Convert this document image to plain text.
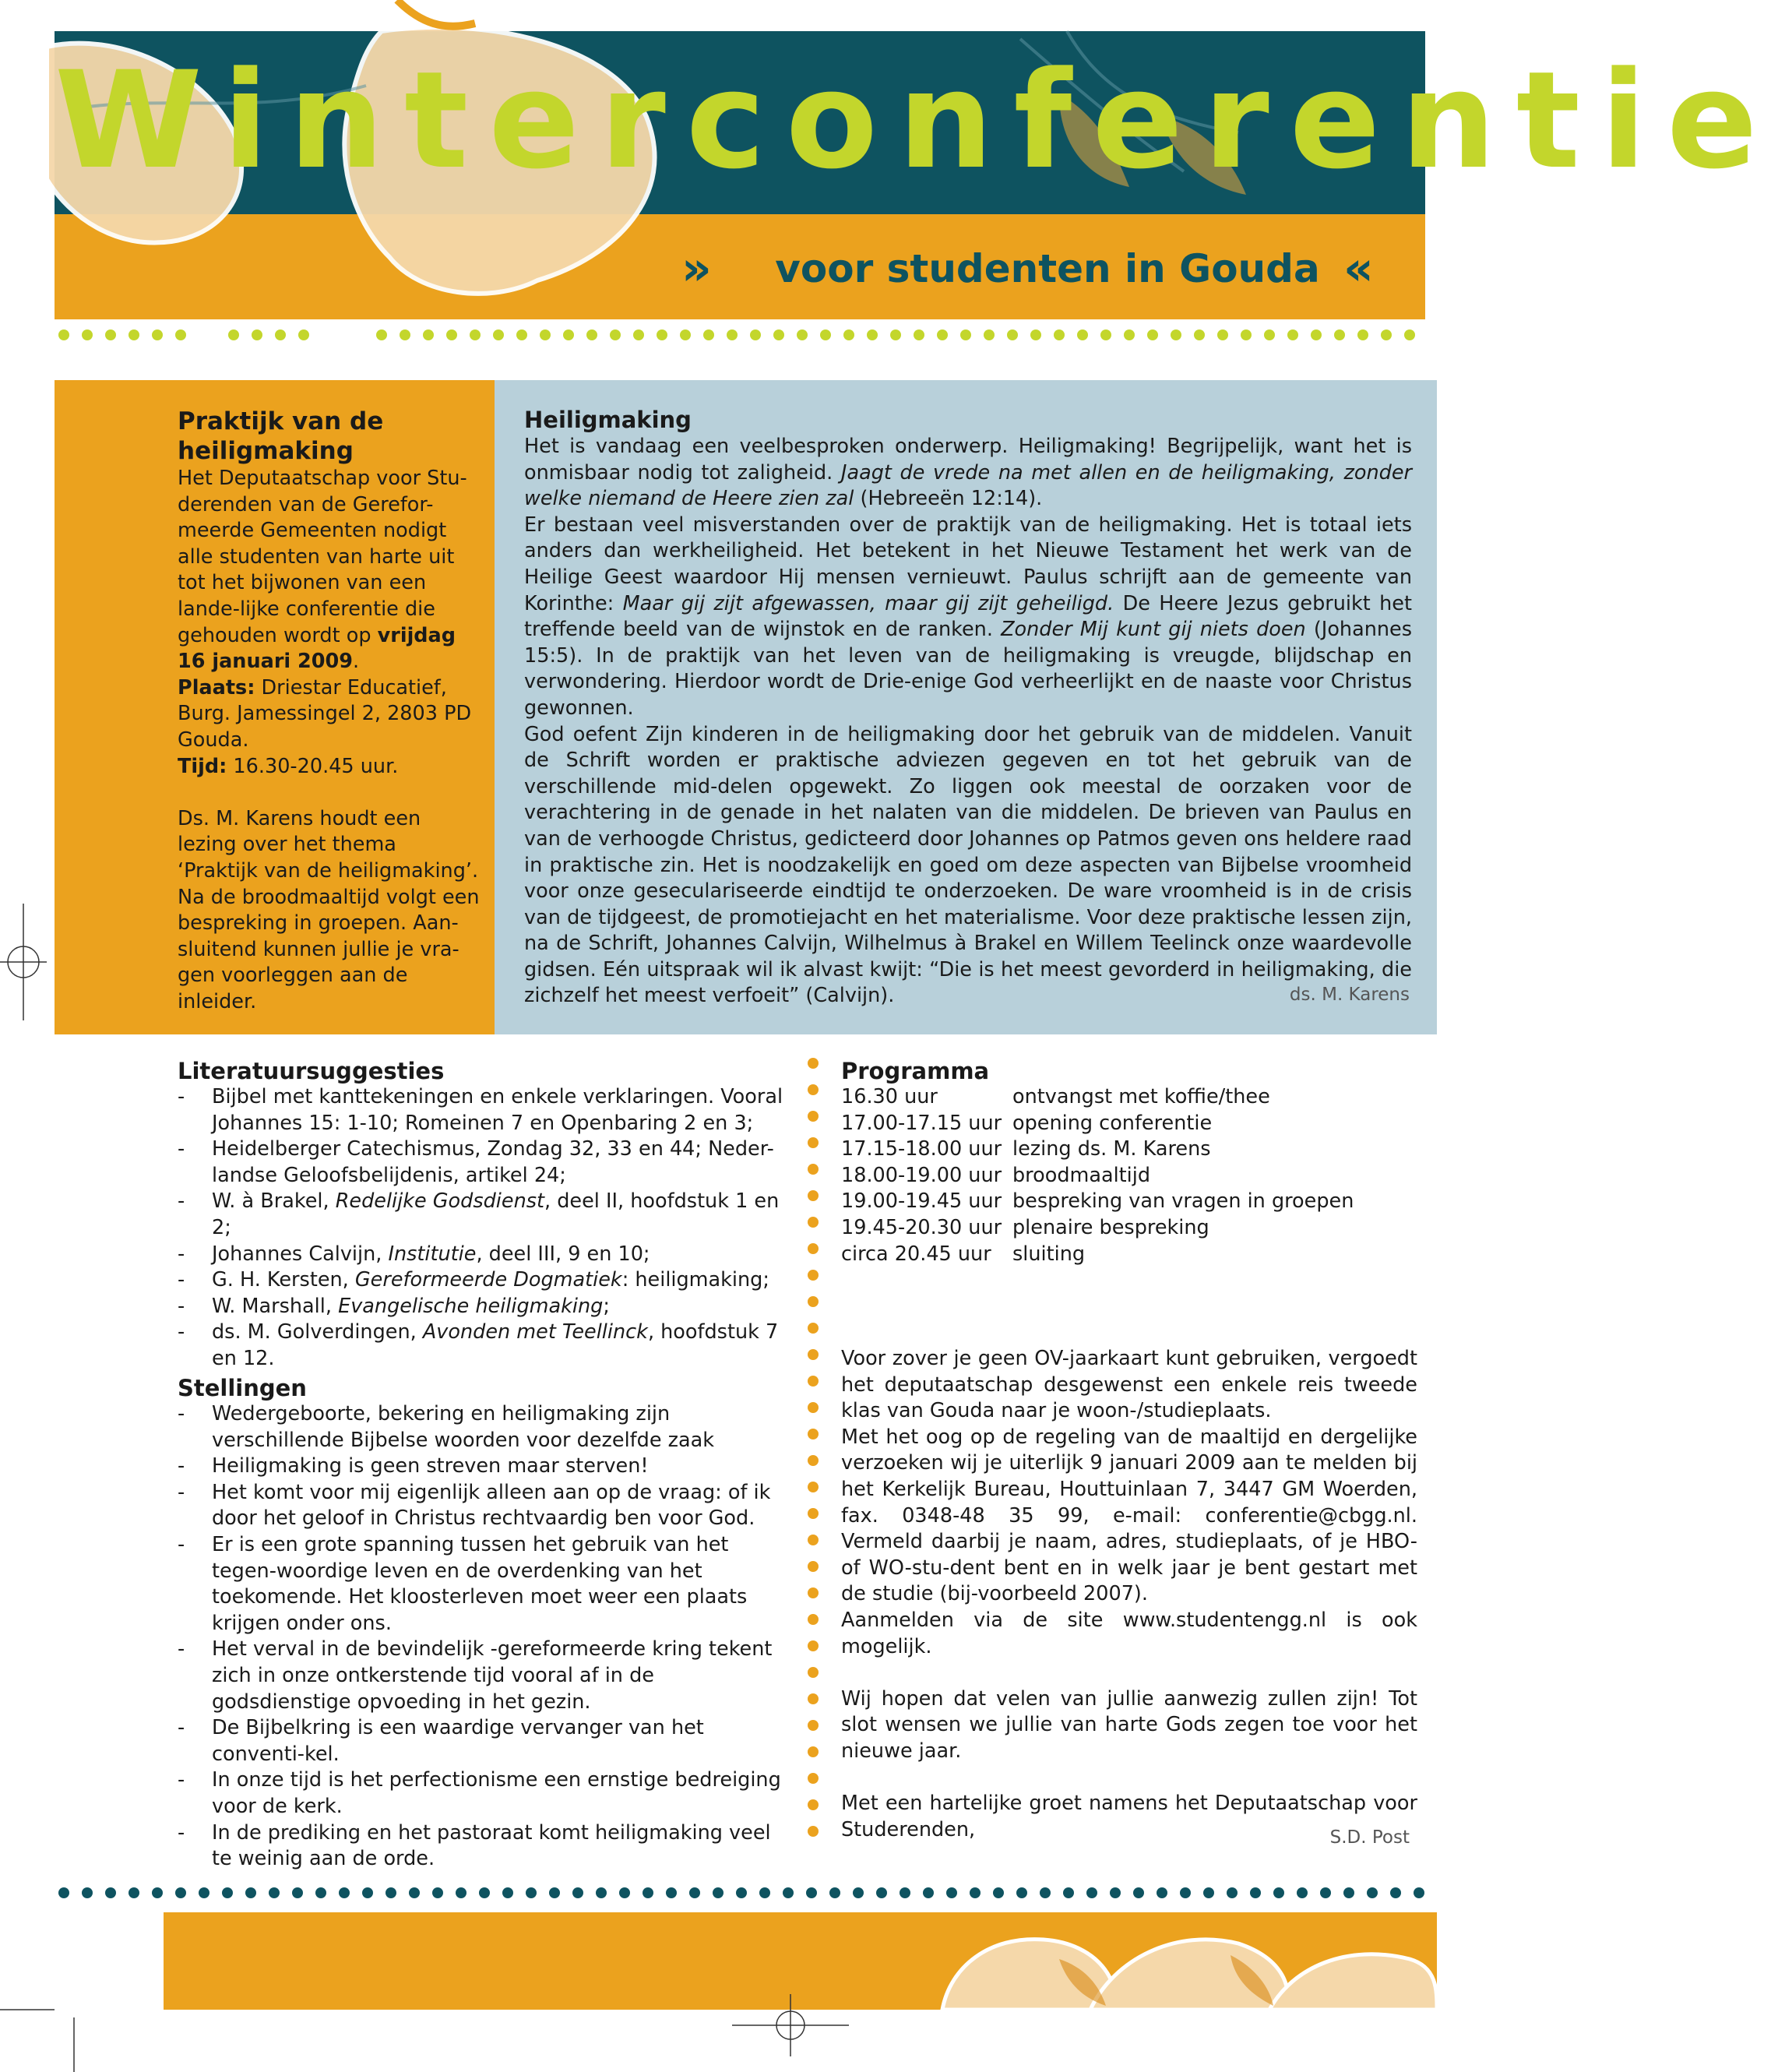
Winterconferentie
»	voor studenten in Gouda «
Praktijk van de heiligmaking

Het Deputaatschap voor Stu-derenden van de Gerefor-meerde Gemeenten nodigt alle studenten van harte uit tot het bijwonen van een lande-lijke conferentie die gehouden wordt op vrijdag 16 januari 2009.

Plaats: Driestar Educatief, Burg. Jamessingel 2, 2803 PD Gouda.

Tijd: 16.30-20.45 uur.

Ds. M. Karens houdt een lezing over het thema ‘Praktijk van de heiligmaking’. Na de broodmaaltijd volgt een bespreking in groepen. Aan-sluitend kunnen jullie je vra-gen voorleggen aan de inleider.

Heiligmaking

Het is vandaag een veelbesproken onderwerp. Heiligmaking! Begrijpelijk, want het is onmisbaar nodig tot zaligheid. Jaagt de vrede na met allen en de heiligmaking, zonder welke niemand de Heere zien zal (Hebreeën 12:14).

Er bestaan veel misverstanden over de praktijk van de heiligmaking. Het is totaal iets anders dan werkheiligheid. Het betekent in het Nieuwe Testament het werk van de Heilige Geest waardoor Hij mensen vernieuwt. Paulus schrijft aan de gemeente van Korinthe: Maar gij zijt afgewassen, maar gij zijt geheiligd. De Heere Jezus gebruikt het treffende beeld van de wijnstok en de ranken. Zonder Mij kunt gij niets doen (Johannes 15:5). In de praktijk van het leven van de heiligmaking is vreugde, blijdschap en verwondering. Hierdoor wordt de Drie-enige God verheerlijkt en de naaste voor Christus gewonnen.

God oefent Zijn kinderen in de heiligmaking door het gebruik van de middelen. Vanuit de Schrift worden er praktische adviezen gegeven en tot het gebruik van de verschillende mid-delen opgewekt. Zo liggen ook meestal de oorzaken voor de verachtering in de genade in het nalaten van die middelen. De brieven van Paulus en van de verhoogde Christus, gedicteerd door Johannes op Patmos geven ons heldere raad in praktische zin. Het is noodzakelijk en goed om deze aspecten van Bijbelse vroomheid voor onze geseculariseerde eindtijd te onderzoeken. De ware vroomheid is in de crisis van de tijdgeest, de promotiejacht en het materialisme. Voor deze praktische lessen zijn, na de Schrift, Johannes Calvijn, Wilhelmus à Brakel en Willem Teelinck onze waardevolle gidsen. Eén uitspraak wil ik alvast kwijt: “Die is het meest gevorderd in heiligmaking, die zichzelf het meest verfoeit” (Calvijn).	ds. M. Karens
Literatuursuggesties
- Bijbel met kanttekeningen en enkele verklaringen. Vooral Johannes 15: 1-10; Romeinen 7 en Openbaring 2 en 3;
- Heidelberger Catechismus, Zondag 32, 33 en 44; Neder-landse Geloofsbelijdenis, artikel 24;
- W. à Brakel, Redelijke Godsdienst, deel II, hoofdstuk 1 en 2;
- Johannes Calvijn, Institutie, deel III, 9 en 10;
- G. H. Kersten, Gereformeerde Dogmatiek: heiligmaking;
- W. Marshall, Evangelische heiligmaking;
- ds. M. Golverdingen, Avonden met Teellinck, hoofdstuk 7 en 12.
Stellingen
- Wedergeboorte, bekering en heiligmaking zijn verschillende Bijbelse woorden voor dezelfde zaak
- Heiligmaking is geen streven maar sterven!
- Het komt voor mij eigenlijk alleen aan op de vraag: of ik door het geloof in Christus rechtvaardig ben voor God.
- Er is een grote spanning tussen het gebruik van het tegen-woordige leven en de overdenking van het toekomende. Het kloosterleven moet weer een plaats krijgen onder ons.
- Het verval in de bevindelijk -gereformeerde kring tekent zich in onze ontkerstende tijd vooral af in de godsdienstige opvoeding in het gezin.
- De Bijbelkring is een waardige vervanger van het conventi-kel.
- In onze tijd is het perfectionisme een ernstige bedreiging voor de kerk.
- In de prediking en het pastoraat komt heiligmaking veel te weinig aan de orde.
Programma
16.30 uur	ontvangst met koffie/thee
17.00-17.15 uur	opening conferentie
17.15-18.00 uur	lezing ds. M. Karens
18.00-19.00 uur	broodmaaltijd
19.00-19.45 uur	bespreking van vragen in groepen
19.45-20.30 uur	plenaire bespreking
circa 20.45 uur	sluiting

Voor zover je geen OV-jaarkaart kunt gebruiken, vergoedt het deputaatschap desgewenst een enkele reis tweede klas van Gouda naar je woon-/studieplaats.

Met het oog op de regeling van de maaltijd en dergelijke verzoeken wij je uiterlijk 9 januari 2009 aan te melden bij het Kerkelijk Bureau, Houttuinlaan 7, 3447 GM Woerden, fax. 0348-48 35 99, e-mail: conferentie@cbgg.nl. Vermeld daarbij je naam, adres, studieplaats, of je HBO- of WO-stu-dent bent en in welk jaar je bent gestart met de studie (bij-voorbeeld 2007).

Aanmelden via de site www.studentengg.nl is ook mogelijk.

Wij hopen dat velen van jullie aanwezig zullen zijn! Tot slot wensen we jullie van harte Gods zegen toe voor het nieuwe jaar.

Met een hartelijke groet namens het Deputaatschap voor Studerenden,	S.D. Post
